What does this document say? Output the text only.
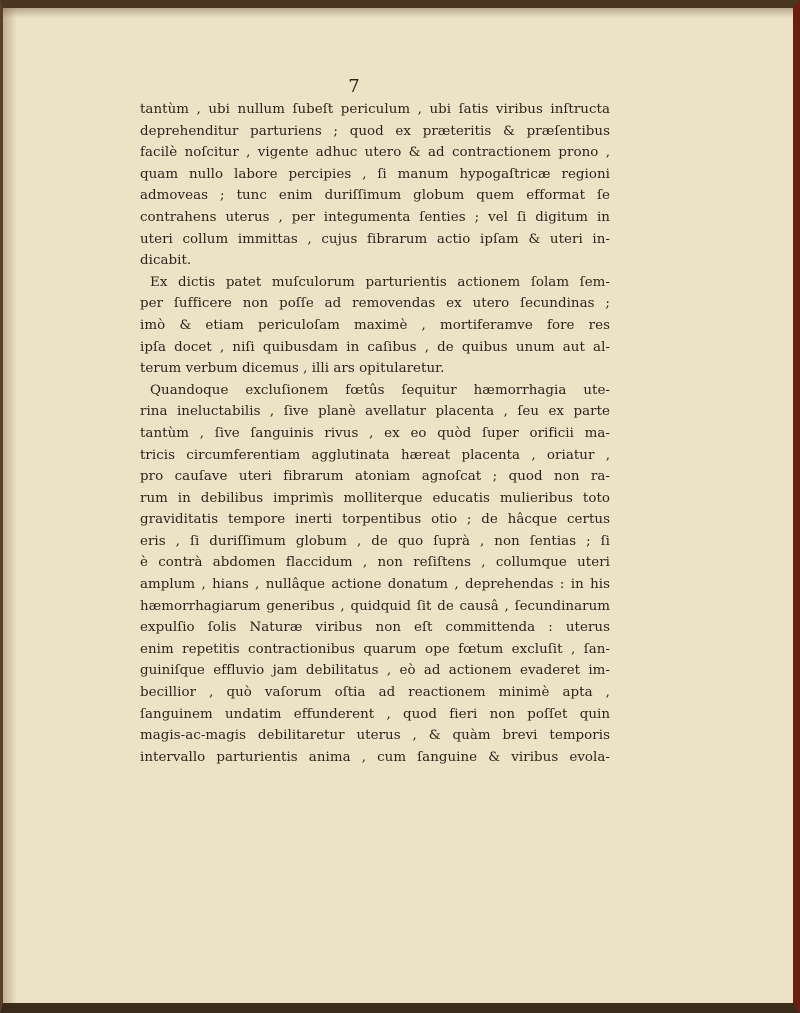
7
tantùm , ubi nullum ſubeſt periculum , ubi ſatis viribus inſtructa
deprehenditur parturiens ; quod ex præteritis & præſentibus
facilè noſcitur , vigente adhuc utero & ad contractionem prono ,
quam nullo labore percipies , ſi manum hypogaſtricæ regioni
admoveas ; tunc enim duriſſimum globum quem efformat ſe
contrahens uterus , per integumenta ſenties ; vel ſi digitum in
uteri collum immittas , cujus fibrarum actio ipſam & uteri in-
dicabit.
Ex dictis patet muſculorum parturientis actionem ſolam ſem-
per ſufficere non poſſe ad removendas ex utero ſecundinas ;
imò & etiam periculoſam maximè , mortiferamve fore res
ipſa docet , niſi quibusdam in caſibus , de quibus unum aut al-
terum verbum dicemus , illi ars opitularetur.
Quandoque excluſionem fœtûs ſequitur hæmorrhagia ute-
rina ineluctabilis , ſive planè avellatur placenta , ſeu ex parte
tantùm , ſive ſanguinis rivus , ex eo quòd ſuper orificii ma-
tricis circumferentiam agglutinata hæreat placenta , oriatur ,
pro cauſave uteri fibrarum atoniam agnoſcat ; quod non ra-
rum in debilibus imprimìs molliterque educatis mulieribus toto
graviditatis tempore inerti torpentibus otio ; de hâcque certus
eris , ſi duriſſimum globum , de quo ſuprà , non ſentias ; ſi
è contrà abdomen flaccidum , non reſiſtens , collumque uteri
amplum , hians , nullâque actione donatum , deprehendas : in his
hæmorrhagiarum generibus , quidquid ſit de causâ , ſecundinarum
expulſio ſolis Naturæ viribus non eſt committenda : uterus
enim repetitis contractionibus quarum ope fœtum excluſit , ſan-
guiniſque effluvio jam debilitatus , eò ad actionem evaderet im-
becillior , quò vaſorum oſtia ad reactionem minimè apta ,
ſanguinem undatim effunderent , quod fieri non poſſet quin
magis-ac-magis debilitaretur uterus , & quàm brevi temporis
intervallo parturientis anima , cum ſanguine & viribus evola-
